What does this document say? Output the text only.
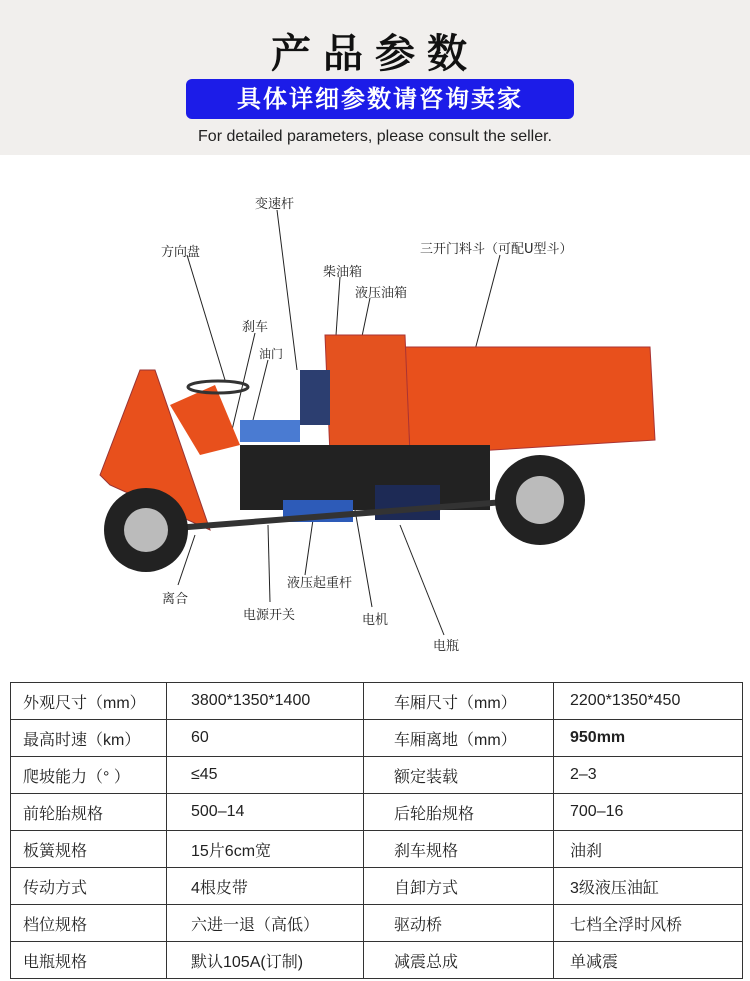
产品参数
具体详细参数请咨询卖家
For detailed parameters, please consult the seller.
变速杆
方向盘	三开门料斗（可配U型斗）
柴油箱
液压油箱
刹车
油门
离合
电源开关
液压起重杆
电机
电瓶
外观尺寸（mm）	3800*1350*1400	车厢尺寸（mm）	2200*1350*450
最高时速（km）	60	车厢离地（mm）	950mm
爬坡能力（° ）	≤45	额定装载	2–3
前轮胎规格	500–14	后轮胎规格	700–16
板簧规格	15片6cm宽	刹车规格	油刹
传动方式	4根皮带	自卸方式	3级液压油缸
档位规格	六进一退（高低）	驱动桥	七档全浮时风桥
电瓶规格	默认105A(订制)	减震总成	单减震
